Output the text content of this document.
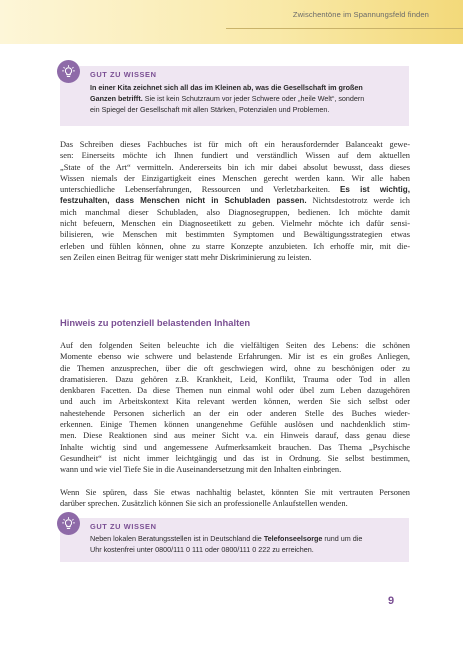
Zwischentöne im Spannungsfeld finden
GUT ZU WISSEN
In einer Kita zeichnet sich all das im Kleinen ab, was die Gesellschaft im großen
Ganzen betrifft. Sie ist kein Schutzraum vor jeder Schwere oder „heile Welt“, sondern
ein Spiegel der Gesellschaft mit allen Stärken, Potenzialen und Problemen.
Das Schreiben dieses Fachbuches ist für mich oft ein herausfordernder Balanceakt gewe-
sen: Einerseits möchte ich Ihnen fundiert und verständlich Wissen auf dem aktuellen
„State of the Art“ vermitteln. Andererseits bin ich mir dabei absolut bewusst, dass dieses
Wissen niemals der Einzigartigkeit eines Menschen gerecht werden kann. Wir alle haben
unterschiedliche Lebenserfahrungen, Ressourcen und Verletzbarkeiten. Es ist wichtig,
festzuhalten, dass Menschen nicht in Schubladen passen. Nichtsdestotrotz werde ich
mich manchmal dieser Schubladen, also Diagnosegruppen, bedienen. Ich möchte damit
nicht befeuern, Menschen ein Diagnoseetikett zu geben. Vielmehr möchte ich dafür sensi-
bilisieren, wie Menschen mit bestimmten Symptomen und Bewältigungsstrategien etwas
erleben und fühlen können, ohne zu starre Konzepte anzubieten. Ich erhoffe mir, mit die-
sen Zeilen einen Beitrag für weniger statt mehr Diskriminierung zu leisten.
Hinweis zu potenziell belastenden Inhalten
Auf den folgenden Seiten beleuchte ich die vielfältigen Seiten des Lebens: die schönen
Momente ebenso wie schwere und belastende Erfahrungen. Mir ist es ein großes Anliegen,
die Themen anzusprechen, über die oft geschwiegen wird, ohne zu beschönigen oder zu
dramatisieren. Dazu gehören z.B. Krankheit, Leid, Konflikt, Trauma oder Tod in allen
denkbaren Facetten. Da diese Themen nun einmal wohl oder übel zum Leben dazugehören
und auch im Arbeitskontext Kita relevant werden können, werden Sie sich selbst oder
nahestehende Personen sicherlich an der ein oder anderen Stelle des Buches wieder-
erkennen. Einige Themen können unangenehme Gefühle auslösen und nachdenklich stim-
men. Diese Reaktionen sind aus meiner Sicht v.a. ein Hinweis darauf, dass genau diese
Inhalte wichtig sind und angemessene Aufmerksamkeit brauchen. Das Thema „Psychische
Gesundheit“ ist nicht immer leichtgängig und das ist in Ordnung. Sie selbst bestimmen,
wann und wie viel Tiefe Sie in die Auseinandersetzung mit den Inhalten einbringen.
Wenn Sie spüren, dass Sie etwas nachhaltig belastet, könnten Sie mit vertrauten Personen
darüber sprechen. Zusätzlich können Sie sich an professionelle Anlaufstellen wenden.
GUT ZU WISSEN
Neben lokalen Beratungsstellen ist in Deutschland die Telefonseelsorge rund um die
Uhr kostenfrei unter 0800/111 0 111 oder 0800/111 0 222 zu erreichen.
9
